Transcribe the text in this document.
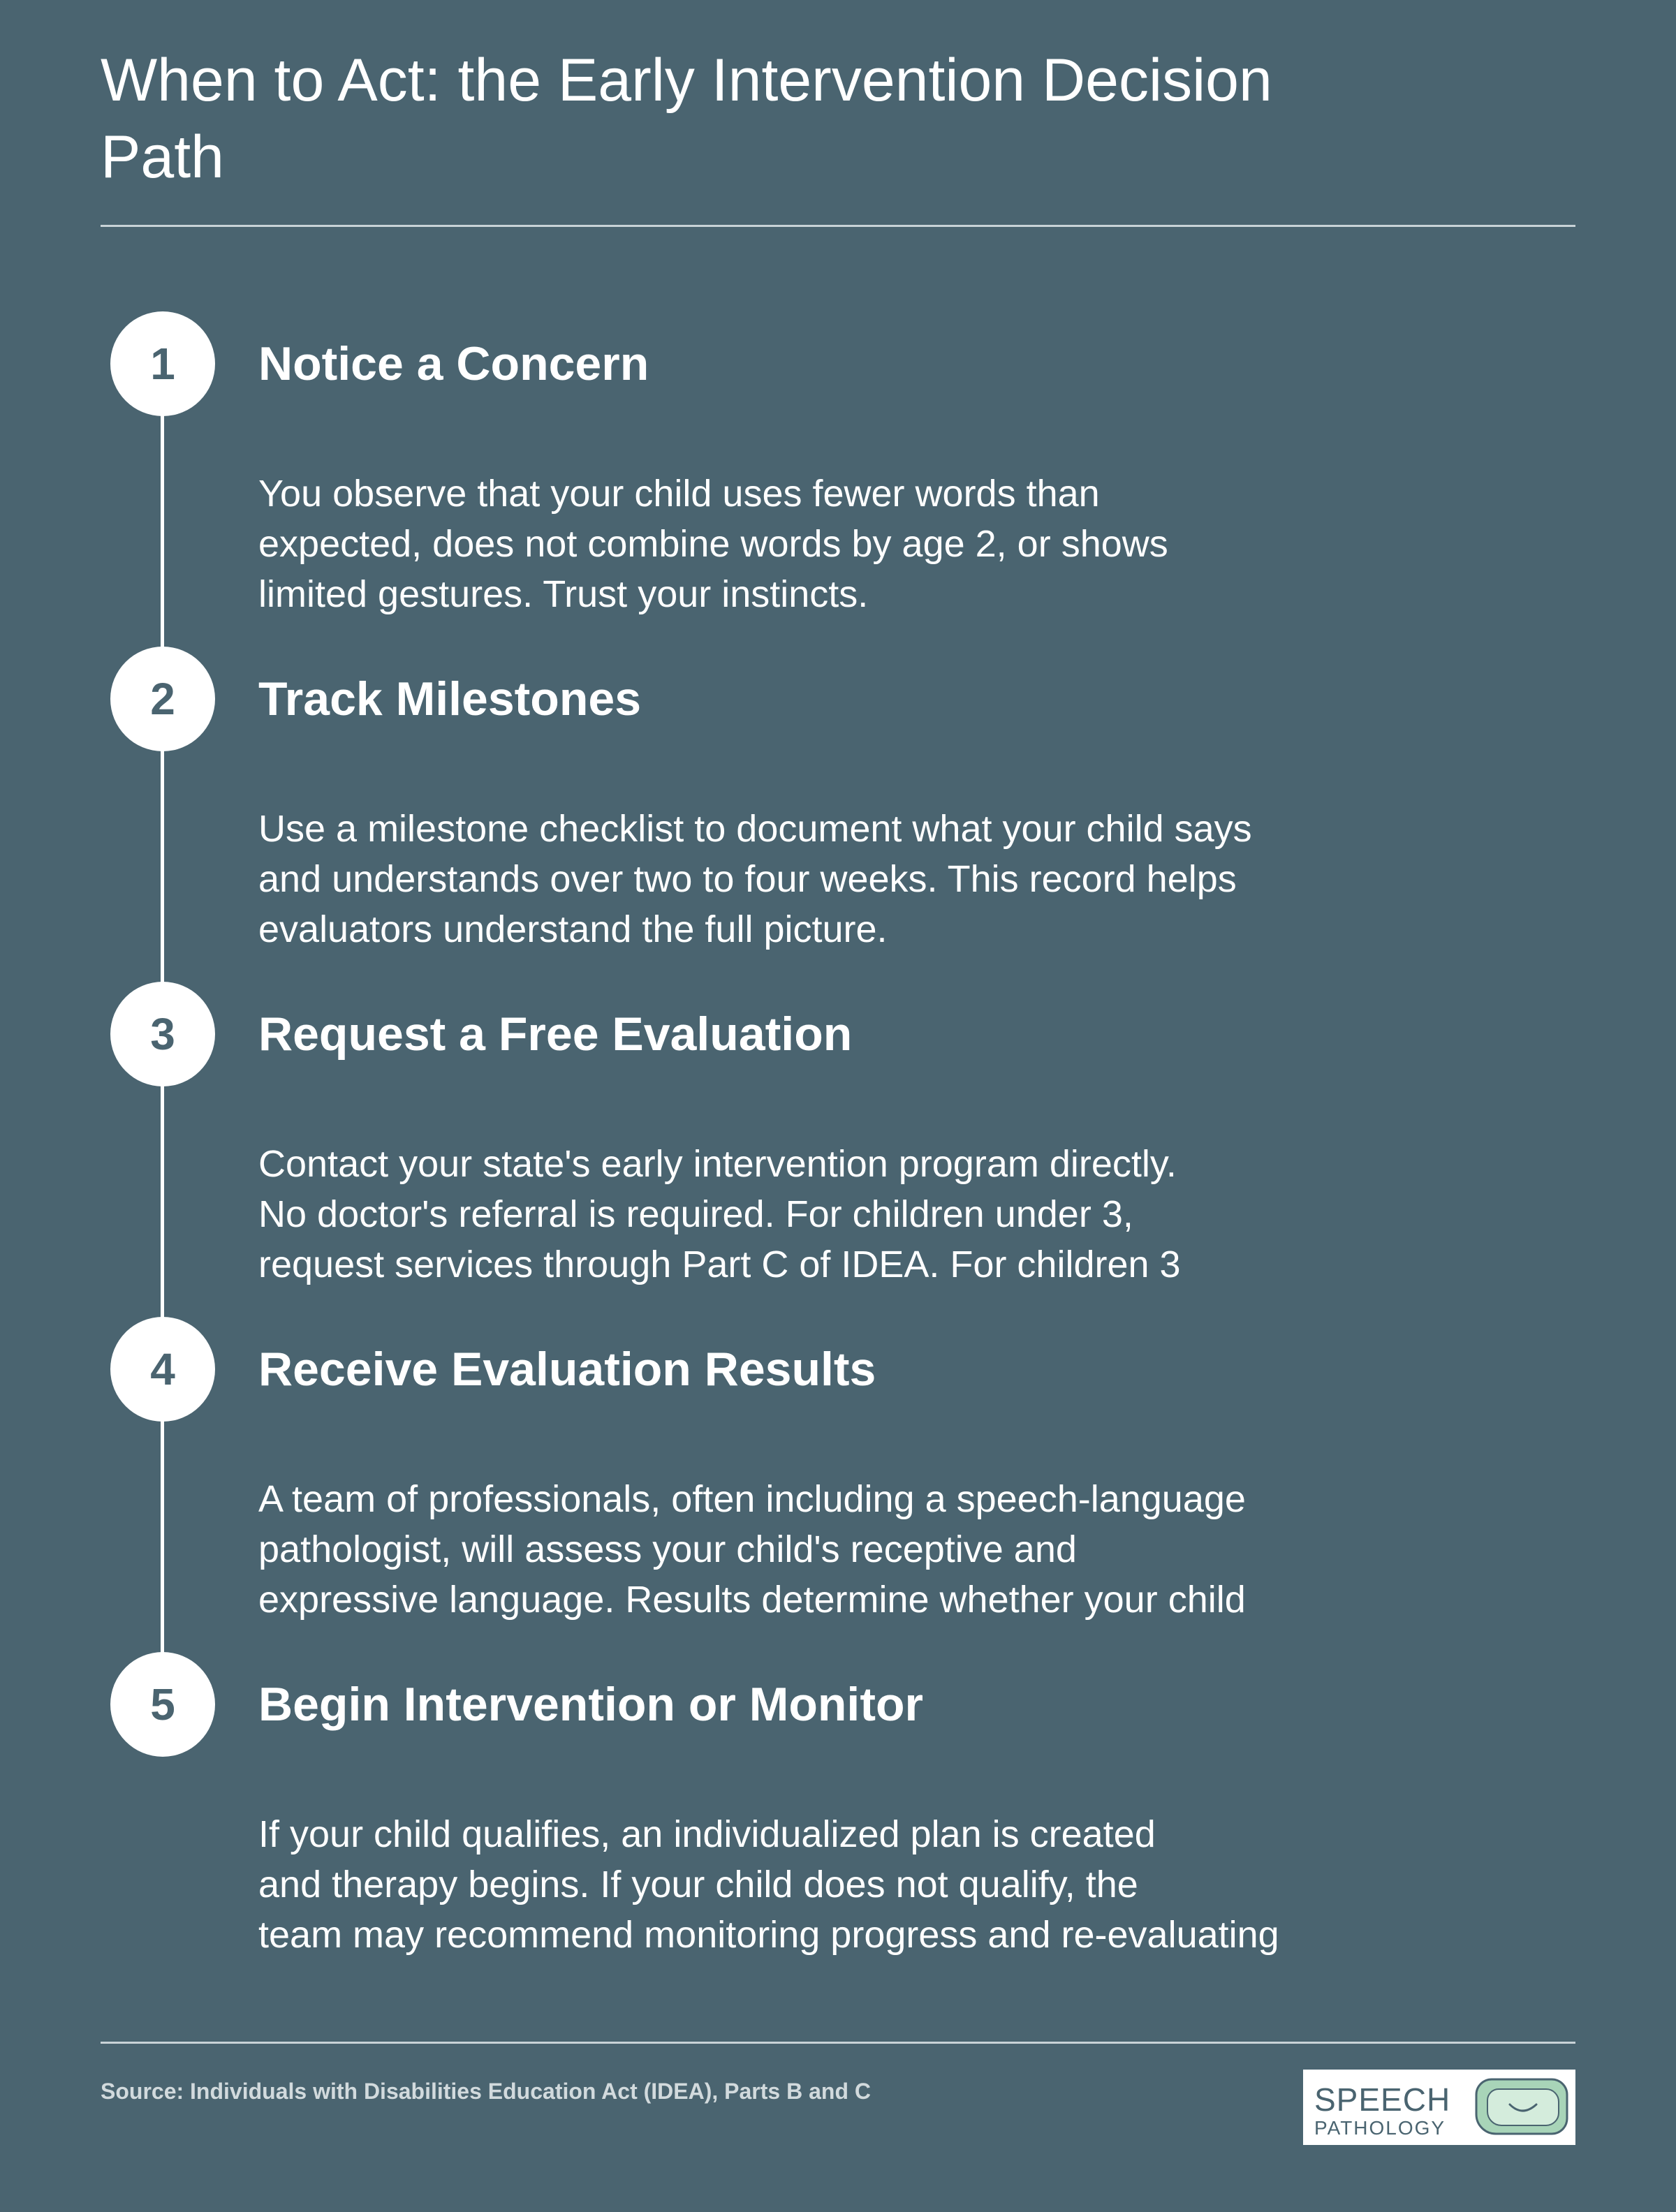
When to Act: the Early Intervention Decision
Path
1	Notice a Concern
You observe that your child uses fewer words than
expected, does not combine words by age 2, or shows
limited gestures. Trust your instincts.
2	Track Milestones
Use a milestone checklist to document what your child says
and understands over two to four weeks. This record helps
evaluators understand the full picture.
3	Request a Free Evaluation
Contact your state's early intervention program directly.
No doctor's referral is required. For children under 3,
request services through Part C of IDEA. For children 3
4	Receive Evaluation Results
A team of professionals, often including a speech-language
pathologist, will assess your child's receptive and
expressive language. Results determine whether your child
5	Begin Intervention or Monitor
If your child qualifies, an individualized plan is created
and therapy begins. If your child does not qualify, the
team may recommend monitoring progress and re-evaluating
Source: Individuals with Disabilities Education Act (IDEA), Parts B and C	SPEECH
PATHOLOGY
